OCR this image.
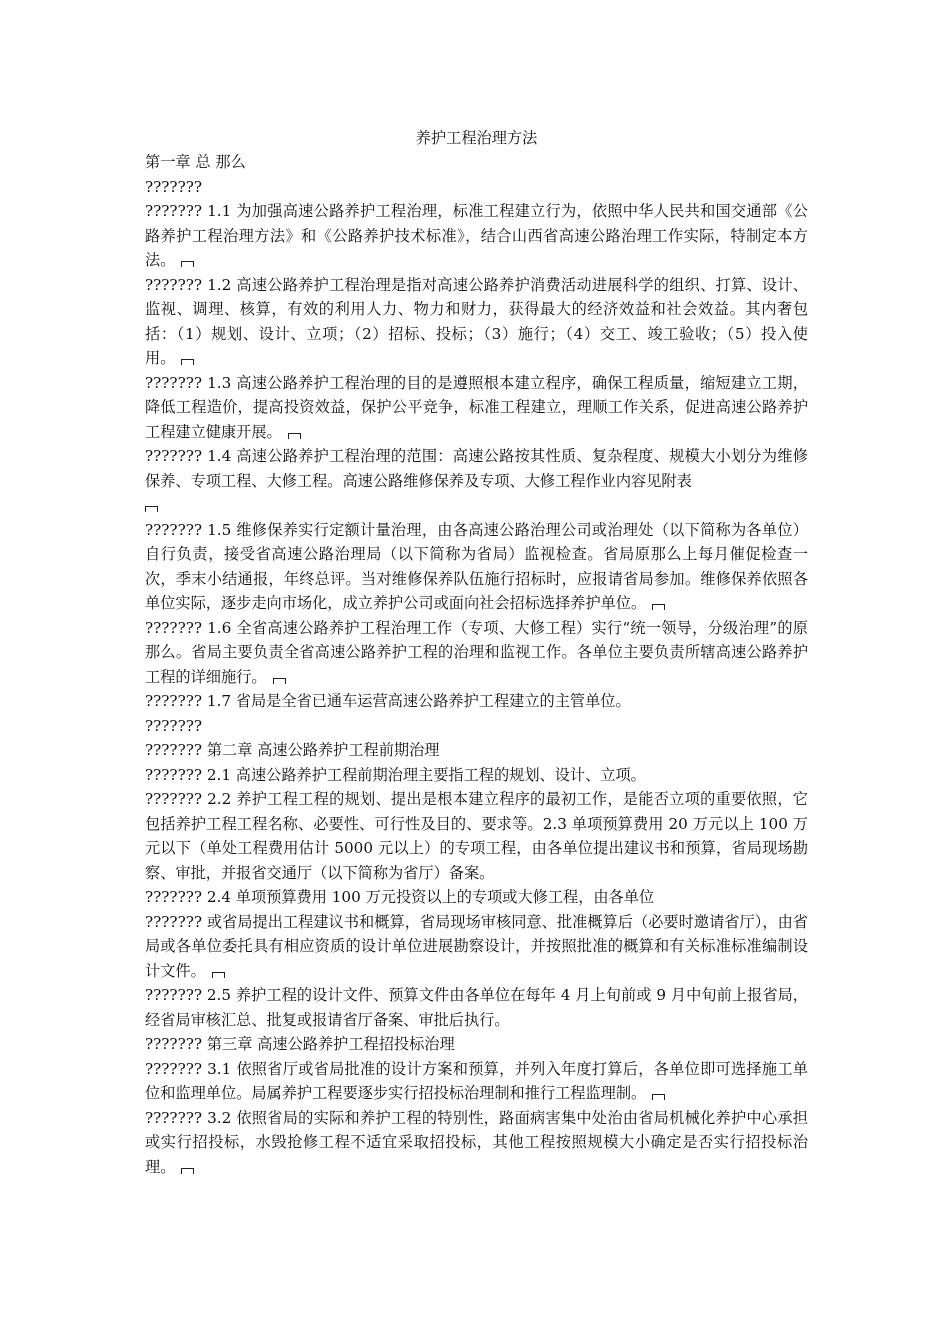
养护工程治理方法
第一章 总 那么
???????
??????? 1.1 为加强高速公路养护工程治理，标准工程建立行为，依照中华人民共和国交通部《公路养护工程治理方法》和《公路养护技术标准》，结合山西省高速公路治理工作实际，特制定本方法。
??????? 1.2 高速公路养护工程治理是指对高速公路养护消费活动进展科学的组织、打算、设计、监视、调理、核算，有效的利用人力、物力和财力，获得最大的经济效益和社会效益。其内奢包括：（1）规划、设计、立项；（2）招标、投标；（3）施行；（4）交工、竣工验收；（5）投入使用。
??????? 1.3 高速公路养护工程治理的目的是遵照根本建立程序，确保工程质量，缩短建立工期，降低工程造价，提高投资效益，保护公平竞争，标准工程建立，理顺工作关系，促进高速公路养护工程建立健康开展。
??????? 1.4 高速公路养护工程治理的范围：高速公路按其性质、复杂程度、规模大小划分为维修保养、专项工程、大修工程。高速公路维修保养及专项、大修工程作业内容见附表
??????? 1.5 维修保养实行定额计量治理，由各高速公路治理公司或治理处（以下简称为各单位）自行负责，接受省高速公路治理局（以下简称为省局）监视检查。省局原那么上每月催促检查一次，季末小结通报，年终总评。当对维修保养队伍施行招标时，应报请省局参加。维修保养依照各单位实际，逐步走向市场化，成立养护公司或面向社会招标选择养护单位。
??????? 1.6 全省高速公路养护工程治理工作（专项、大修工程）实行“统一领导，分级治理”的原那么。省局主要负责全省高速公路养护工程的治理和监视工作。各单位主要负责所辖高速公路养护工程的详细施行。
??????? 1.7 省局是全省已通车运营高速公路养护工程建立的主管单位。
???????
??????? 第二章 高速公路养护工程前期治理
??????? 2.1 高速公路养护工程前期治理主要指工程的规划、设计、立项。
??????? 2.2 养护工程工程的规划、提出是根本建立程序的最初工作，是能否立项的重要依照，它包括养护工程工程名称、必要性、可行性及目的、要求等。2.3 单项预算费用 20 万元以上 100 万元以下（单处工程费用估计 5000 元以上）的专项工程，由各单位提出建议书和预算，省局现场勘察、审批，并报省交通厅（以下简称为省厅）备案。
??????? 2.4 单项预算费用 100 万元投资以上的专项或大修工程，由各单位
??????? 或省局提出工程建议书和概算，省局现场审核同意、批准概算后（必要时邀请省厅），由省局或各单位委托具有相应资质的设计单位进展勘察设计，并按照批准的概算和有关标准标准编制设计文件。
??????? 2.5 养护工程的设计文件、预算文件由各单位在每年 4 月上旬前或 9 月中旬前上报省局，经省局审核汇总、批复或报请省厅备案、审批后执行。
??????? 第三章 高速公路养护工程招投标治理
??????? 3.1 依照省厅或省局批准的设计方案和预算，并列入年度打算后，各单位即可选择施工单位和监理单位。局属养护工程要逐步实行招投标治理制和推行工程监理制。
??????? 3.2 依照省局的实际和养护工程的特别性，路面病害集中处治由省局机械化养护中心承担或实行招投标，水毁抢修工程不适宜采取招投标，其他工程按照规模大小确定是否实行招投标治理。
